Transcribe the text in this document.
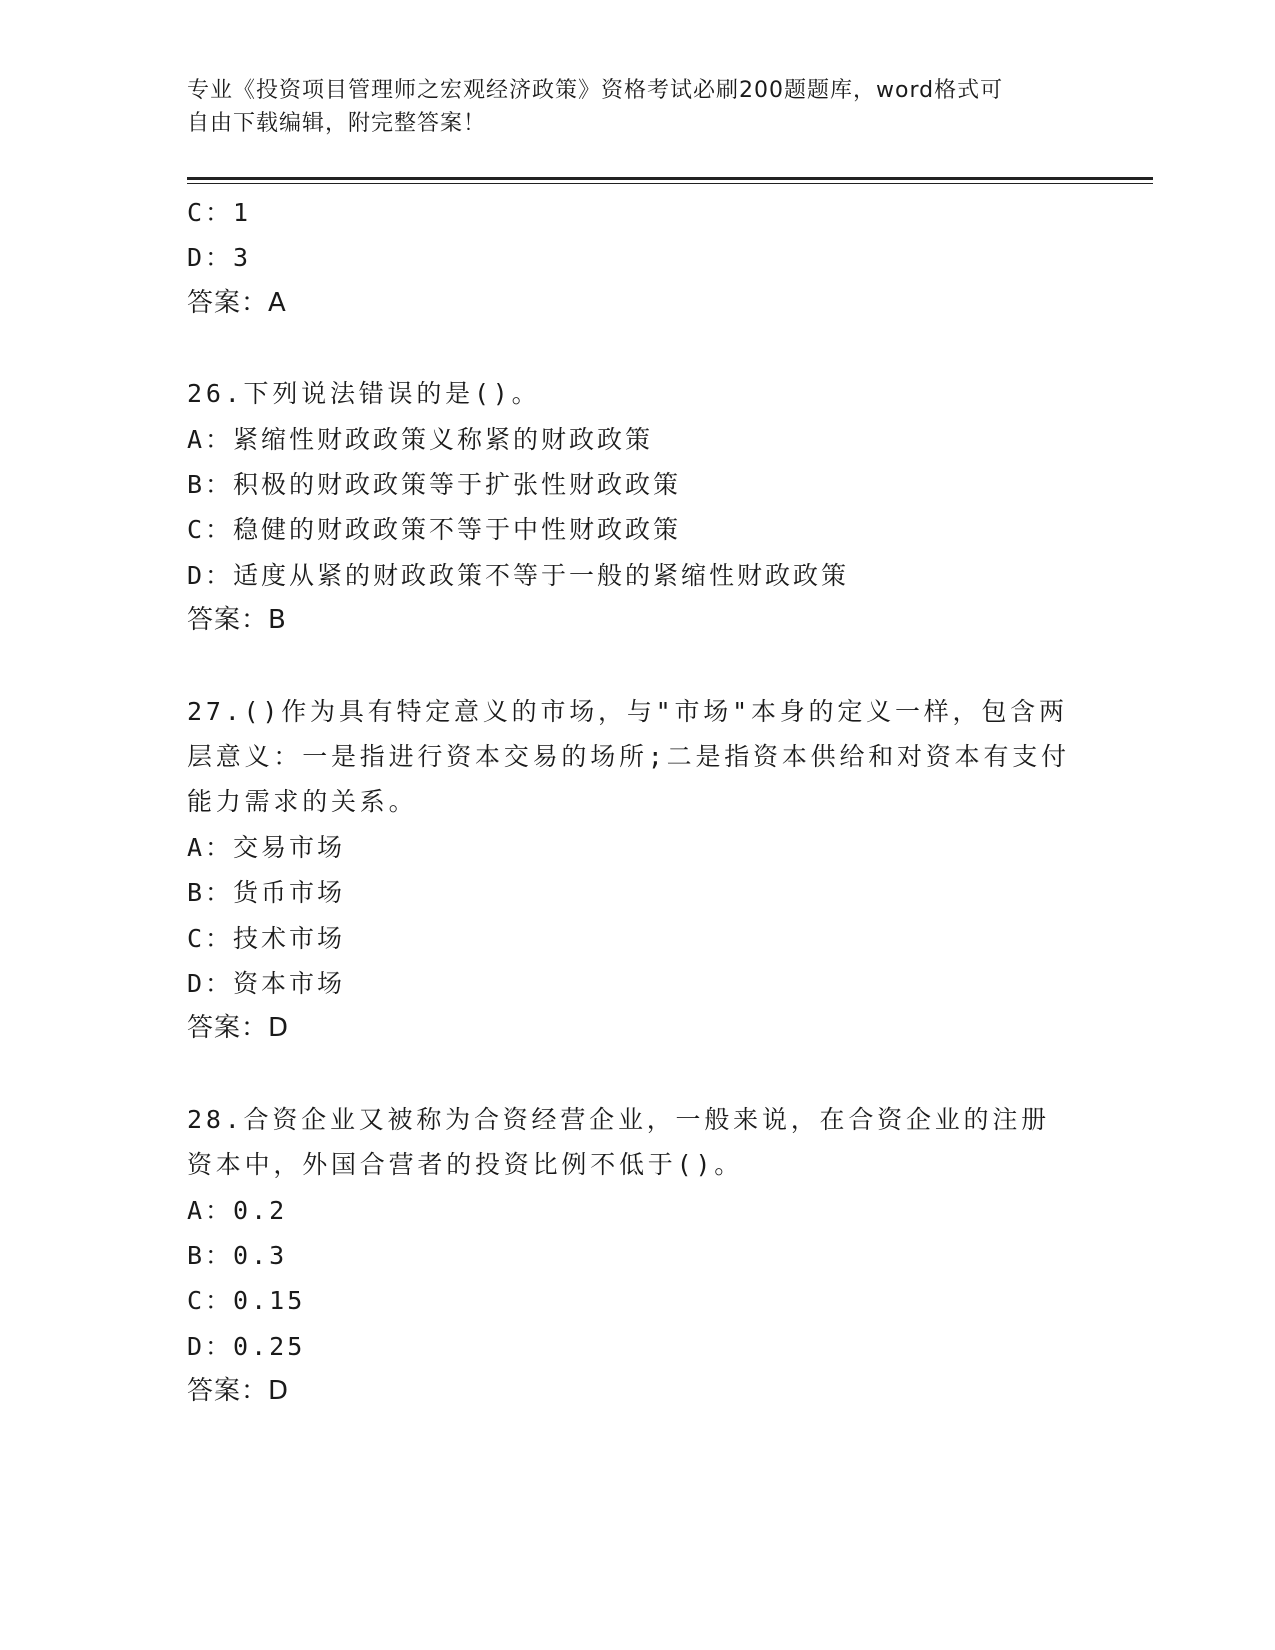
专业《投资项目管理师之宏观经济政策》资格考试必刷200题题库，word格式可
自由下载编辑，附完整答案！
C：1
D：3
答案：A
26.下列说法错误的是()。
A：紧缩性财政政策义称紧的财政政策
B：积极的财政政策等于扩张性财政政策
C：稳健的财政政策不等于中性财政政策
D：适度从紧的财政政策不等于一般的紧缩性财政政策
答案：B
27.()作为具有特定意义的市场，与"市场"本身的定义一样，包含两层意义：一是指进行资本交易的场所;二是指资本供给和对资本有支付能力需求的关系。
A：交易市场
B：货币市场
C：技术市场
D：资本市场
答案：D
28.合资企业又被称为合资经营企业，一般来说，在合资企业的注册资本中，外国合营者的投资比例不低于()。
A：0.2
B：0.3
C：0.15
D：0.25
答案：D
